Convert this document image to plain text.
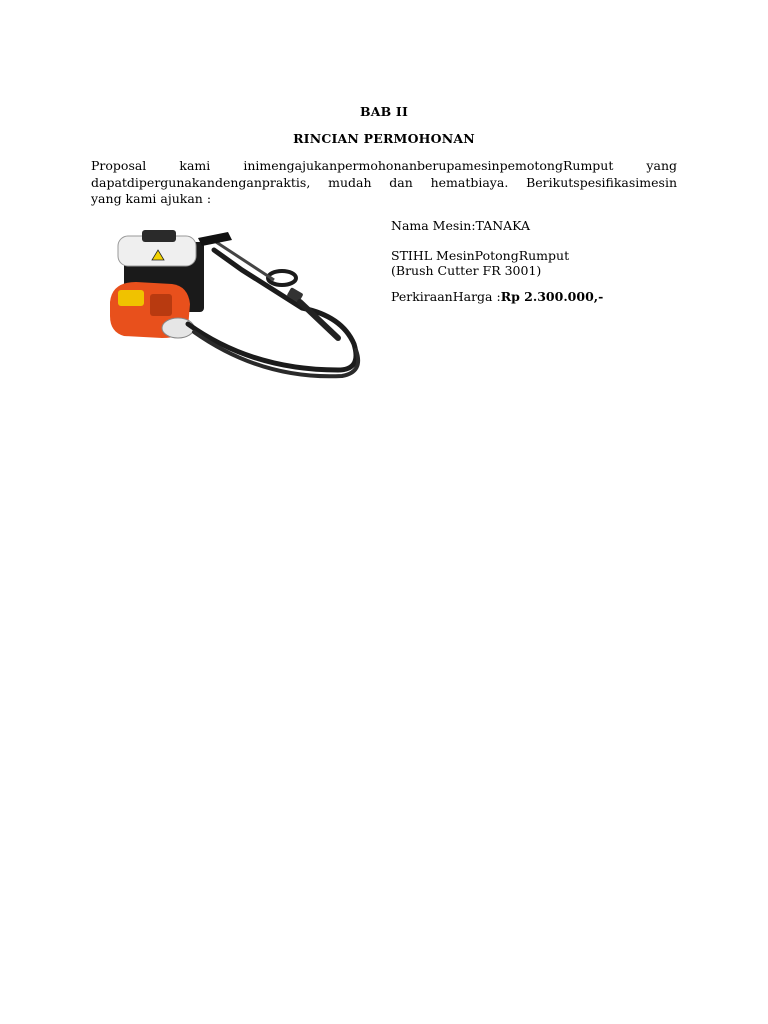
BAB II
RINCIAN PERMOHONAN
Proposal kami inimengajukanpermohonanberupamesinpemotongRumput yang
dapatdipergunakandenganpraktis, mudah dan hematbiaya. Berikutspesifikasimesin
yang kami ajukan :
Nama Mesin:TANAKA
STIHL MesinPotongRumput
(Brush Cutter FR 3001)
PerkiraanHarga :Rp 2.300.000,-
